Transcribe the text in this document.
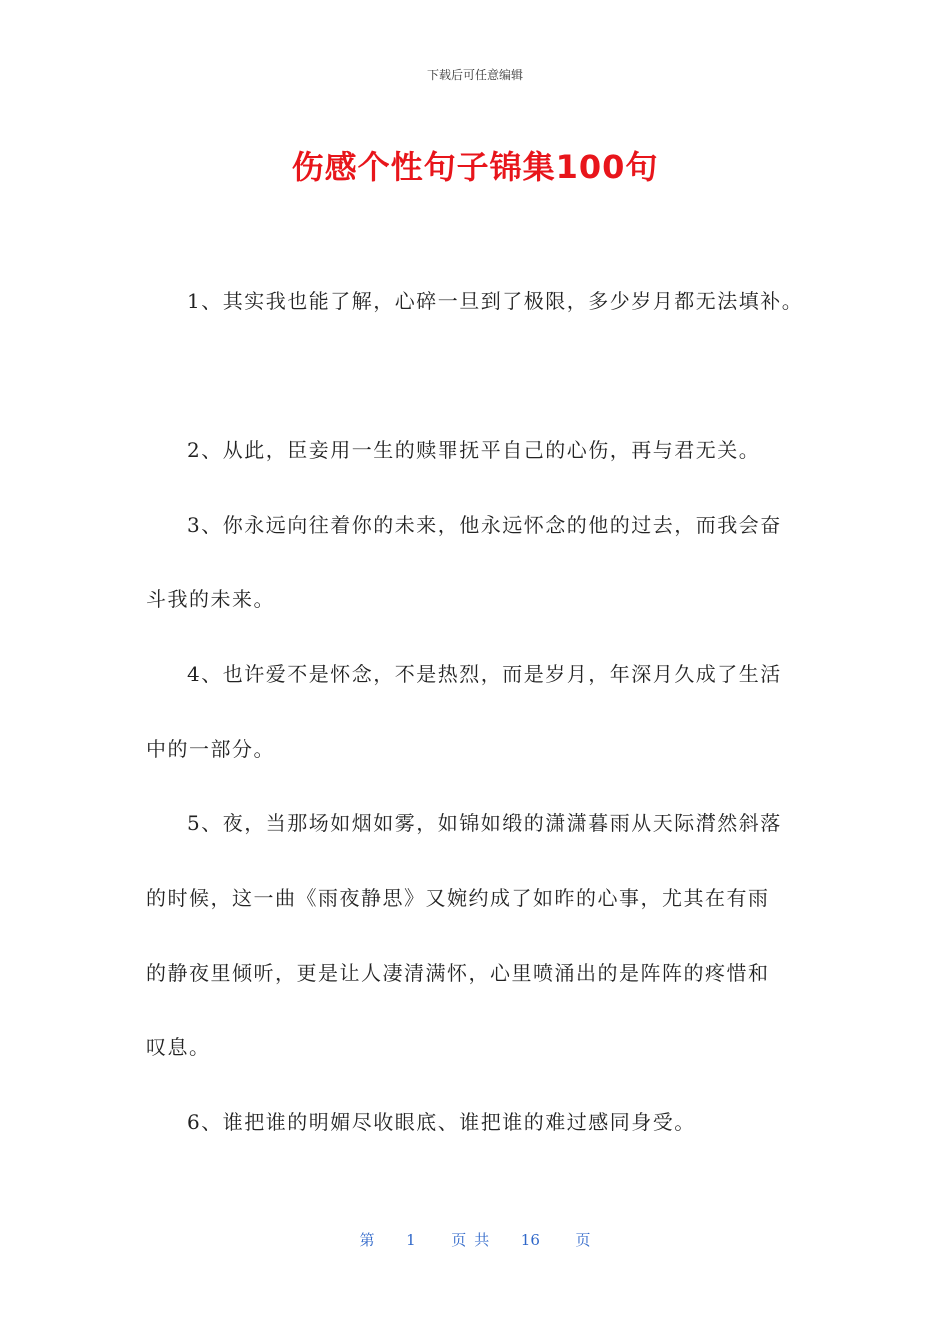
下载后可任意编辑
伤感个性句子锦集100句
1、其实我也能了解，心碎一旦到了极限，多少岁月都无法填补。
2、从此，臣妾用一生的赎罪抚平自己的心伤，再与君无关。
3、你永远向往着你的未来，他永远怀念的他的过去，而我会奋
斗我的未来。
4、也许爱不是怀念，不是热烈，而是岁月，年深月久成了生活
中的一部分。
5、夜，当那场如烟如雾，如锦如缎的潇潇暮雨从天际潸然斜落
的时候，这一曲《雨夜静思》又婉约成了如昨的心事，尤其在有雨
的静夜里倾听，更是让人凄清满怀，心里喷涌出的是阵阵的疼惜和
叹息。
6、谁把谁的明媚尽收眼底、谁把谁的难过感同身受。
第 1 页共 16 页
